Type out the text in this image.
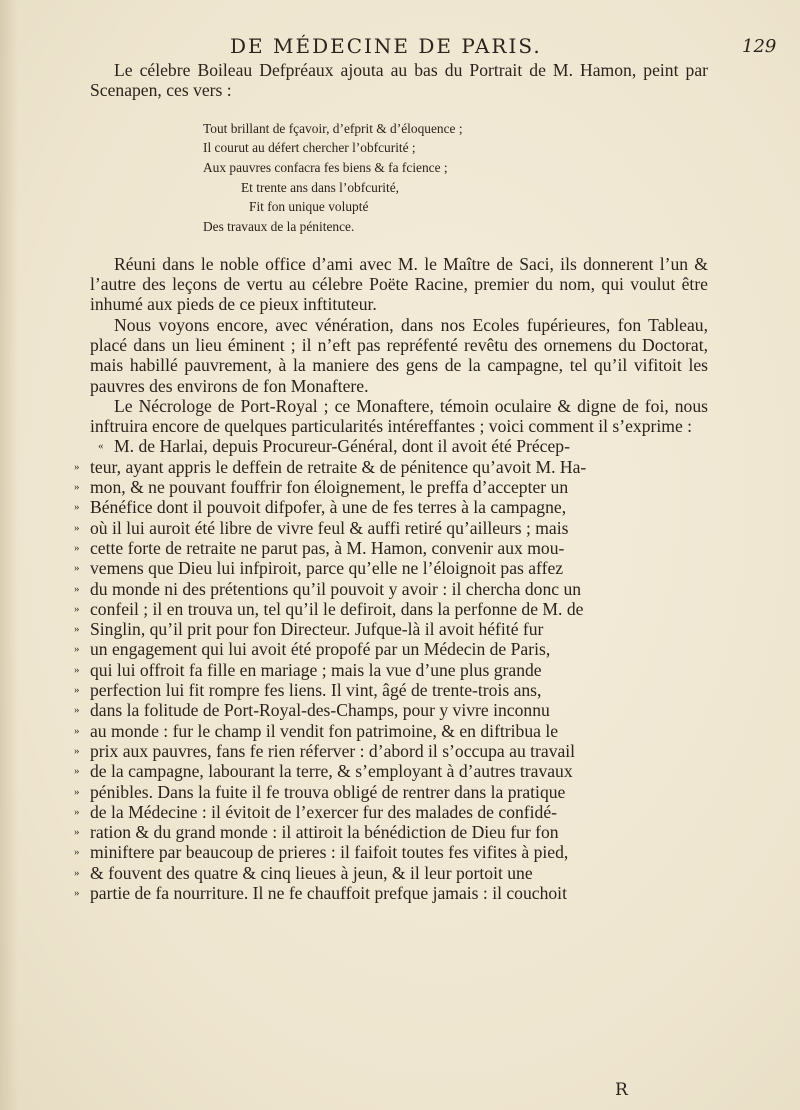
DE MÉDECINE DE PARIS.	129

Le célebre Boileau Defpréaux ajouta au bas du Portrait de M. Hamon, peint par Scenapen, ces vers :

Tout brillant de fçavoir, d’efprit & d’éloquence ;
Il courut au défert chercher l’obfcurité ;
Aux pauvres confacra fes biens & fa fcience ;
Et trente ans dans l’obfcurité,
Fit fon unique volupté
Des travaux de la pénitence.

Réuni dans le noble office d’ami avec M. le Maître de Saci, ils donnerent l’un & l’autre des leçons de vertu au célebre Poëte Racine, premier du nom, qui voulut être inhumé aux pieds de ce pieux inftituteur.

Nous voyons encore, avec vénération, dans nos Ecoles fupérieures, fon Tableau, placé dans un lieu éminent ; il n’eft pas repréfenté revêtu des ornemens du Doctorat, mais habillé pauvrement, à la maniere des gens de la campagne, tel qu’il vifitoit les pauvres des environs de fon Monaftere.

Le Nécrologe de Port-Royal ; ce Monaftere, témoin oculaire & digne de foi, nous inftruira encore de quelques particularités intéreffantes ; voici comment il s’exprime :

« M. de Harlai, depuis Procureur-Général, dont il avoit été Précep-

» teur, ayant appris le deffein de retraite & de pénitence qu’avoit M. Ha-

» mon, & ne pouvant fouffrir fon éloignement, le preffa d’accepter un

» Bénéfice dont il pouvoit difpofer, à une de fes terres à la campagne,

» où il lui auroit été libre de vivre feul & auffi retiré qu’ailleurs ; mais

» cette forte de retraite ne parut pas, à M. Hamon, convenir aux mou-

» vemens que Dieu lui infpiroit, parce qu’elle ne l’éloignoit pas affez

» du monde ni des prétentions qu’il pouvoit y avoir : il chercha donc un

» confeil ; il en trouva un, tel qu’il le defiroit, dans la perfonne de M. de

» Singlin, qu’il prit pour fon Directeur. Jufque-là il avoit héfité fur

» un engagement qui lui avoit été propofé par un Médecin de Paris,

» qui lui offroit fa fille en mariage ; mais la vue d’une plus grande

» perfection lui fit rompre fes liens. Il vint, âgé de trente-trois ans,

» dans la folitude de Port-Royal-des-Champs, pour y vivre inconnu

» au monde : fur le champ il vendit fon patrimoine, & en diftribua le

» prix aux pauvres, fans fe rien réferver : d’abord il s’occupa au travail

» de la campagne, labourant la terre, & s’employant à d’autres travaux

» pénibles. Dans la fuite il fe trouva obligé de rentrer dans la pratique

» de la Médecine : il évitoit de l’exercer fur des malades de confidé-

» ration & du grand monde : il attiroit la bénédiction de Dieu fur fon

» miniftere par beaucoup de prieres : il faifoit toutes fes vifites à pied,

» & fouvent des quatre & cinq lieues à jeun, & il leur portoit une

» partie de fa nourriture. Il ne fe chauffoit prefque jamais : il couchoit

R
